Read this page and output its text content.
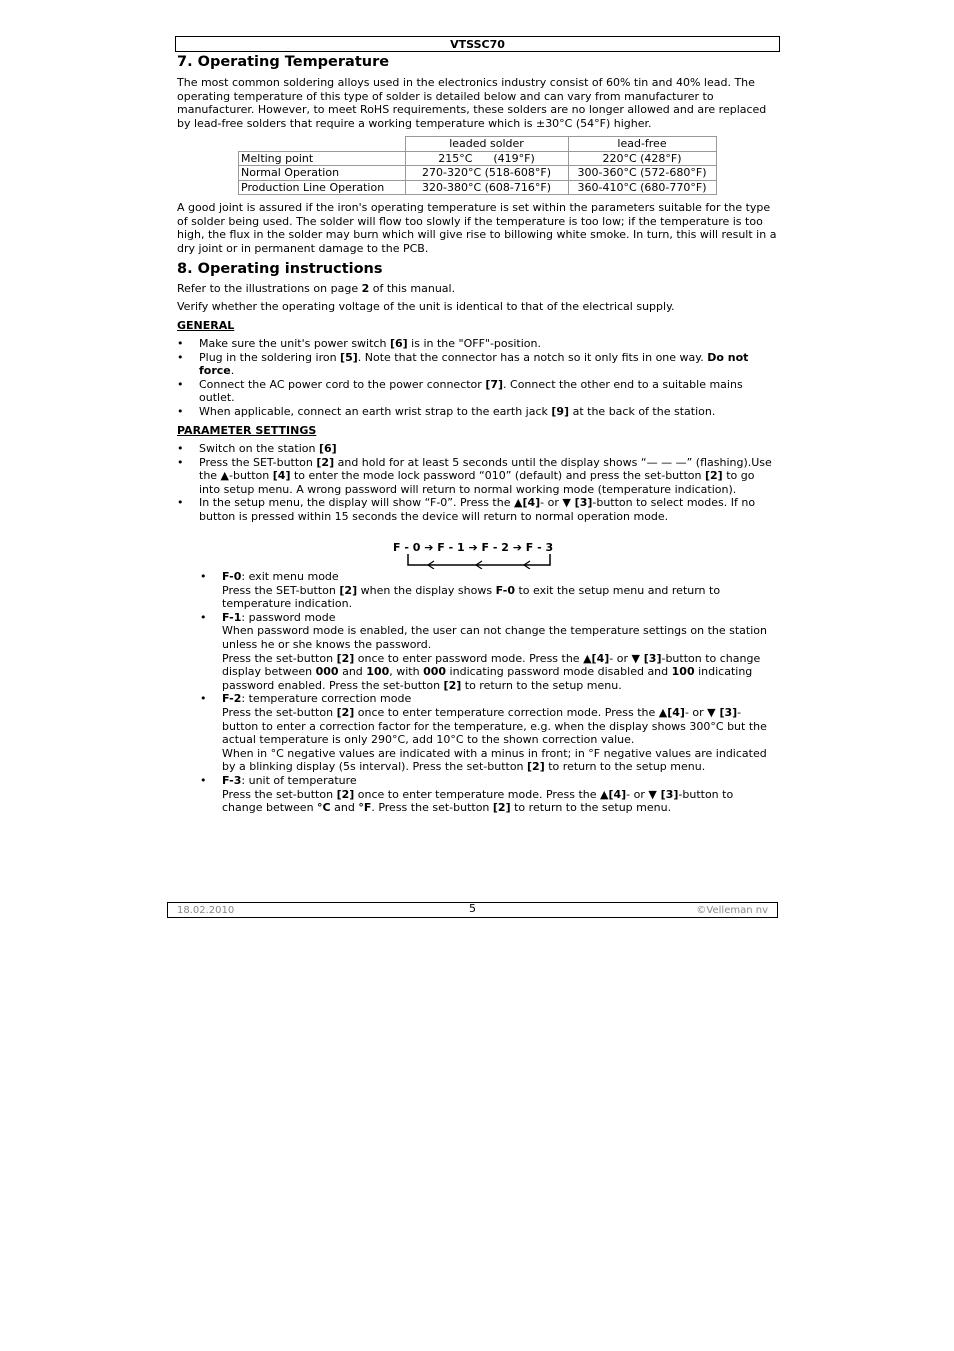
VTSSC70
7. Operating Temperature
The most common soldering alloys used in the electronics industry consist of 60% tin and 40% lead. The operating temperature of this type of solder is detailed below and can vary from manufacturer to manufacturer. However, to meet RoHS requirements, these solders are no longer allowed and are replaced by lead-free solders that require a working temperature which is ±30°C (54°F) higher.
	leaded solder	lead-free
Melting point	215°C      (419°F)	220°C (428°F)
Normal Operation	270-320°C (518-608°F)	300-360°C (572-680°F)
Production Line Operation	320-380°C (608-716°F)	360-410°C (680-770°F)
A good joint is assured if the iron's operating temperature is set within the parameters suitable for the type of solder being used. The solder will flow too slowly if the temperature is too low; if the temperature is too high, the flux in the solder may burn which will give rise to billowing white smoke. In turn, this will result in a dry joint or in permanent damage to the PCB.
8. Operating instructions
Refer to the illustrations on page 2 of this manual.
Verify whether the operating voltage of the unit is identical to that of the electrical supply.
GENERAL
• Make sure the unit's power switch [6] is in the "OFF"-position.
• Plug in the soldering iron [5]. Note that the connector has a notch so it only fits in one way. Do not force.
• Connect the AC power cord to the power connector [7]. Connect the other end to a suitable mains outlet.
• When applicable, connect an earth wrist strap to the earth jack [9] at the back of the station.
PARAMETER SETTINGS
• Switch on the station [6]
• Press the SET-button [2] and hold for at least 5 seconds until the display shows “— — —” (flashing).Use the ▲-button [4] to enter the mode lock password “010” (default) and press the set-button [2] to go into setup menu. A wrong password will return to normal working mode (temperature indication).
• In the setup menu, the display will show “F-0”. Press the ▲[4]- or ▼ [3]-button to select modes. If no button is pressed within 15 seconds the device will return to normal operation mode.
F - 0 ➔ F - 1 ➔ F - 2 ➔ F - 3
• F-0: exit menu mode
Press the SET-button [2] when the display shows F-0 to exit the setup menu and return to temperature indication.
• F-1: password mode
When password mode is enabled, the user can not change the temperature settings on the station unless he or she knows the password.
Press the set-button [2] once to enter password mode. Press the ▲[4]- or ▼ [3]-button to change display between 000 and 100, with 000 indicating password mode disabled and 100 indicating password enabled. Press the set-button [2] to return to the setup menu.
• F-2: temperature correction mode
Press the set-button [2] once to enter temperature correction mode. Press the ▲[4]- or ▼ [3]-button to enter a correction factor for the temperature, e.g. when the display shows 300°C but the actual temperature is only 290°C, add 10°C to the shown correction value.
When in °C negative values are indicated with a minus in front; in °F negative values are indicated by a blinking display (5s interval). Press the set-button [2] to return to the setup menu.
• F-3: unit of temperature
Press the set-button [2] once to enter temperature mode. Press the ▲[4]- or ▼ [3]-button to change between °C and °F. Press the set-button [2] to return to the setup menu.
18.02.2010	5	©Velleman nv
